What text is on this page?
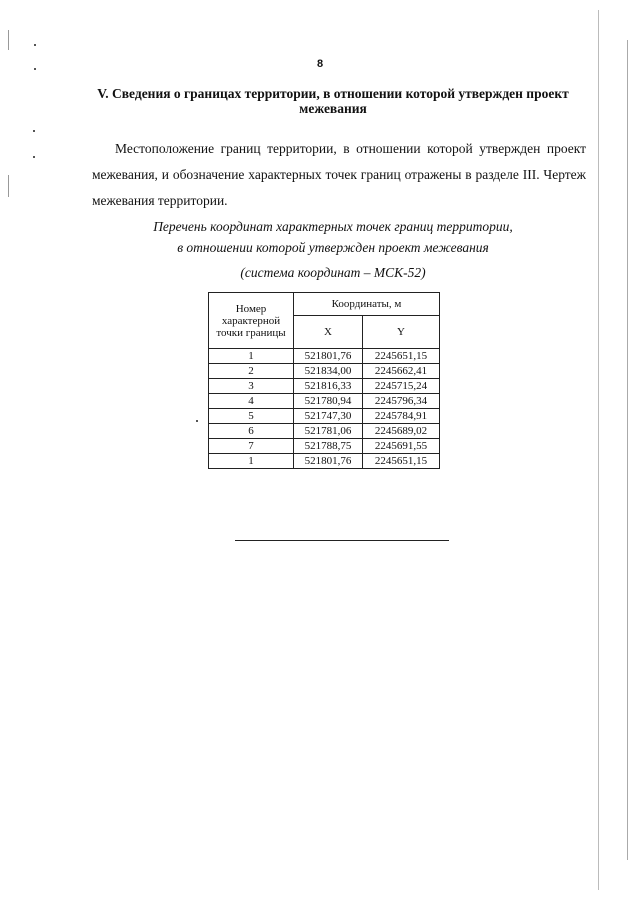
8
V. Сведения о границах территории, в отношении которой утвержден проект межевания

Местоположение границ территории, в отношении которой утвержден проект межевания, и обозначение характерных точек границ отражены в разделе III. Чертеж межевания территории.

Перечень координат характерных точек границ территории,

в отношении которой утвержден проект межевания

(система координат – МСК-52)

Номер характерной точки границы	Координаты, м	
	X	Y
1	521801,76	2245651,15
2	521834,00	2245662,41
3	521816,33	2245715,24
4	521780,94	2245796,34
5	521747,30	2245784,91
6	521781,06	2245689,02
7	521788,75	2245691,55
1	521801,76	2245651,15
